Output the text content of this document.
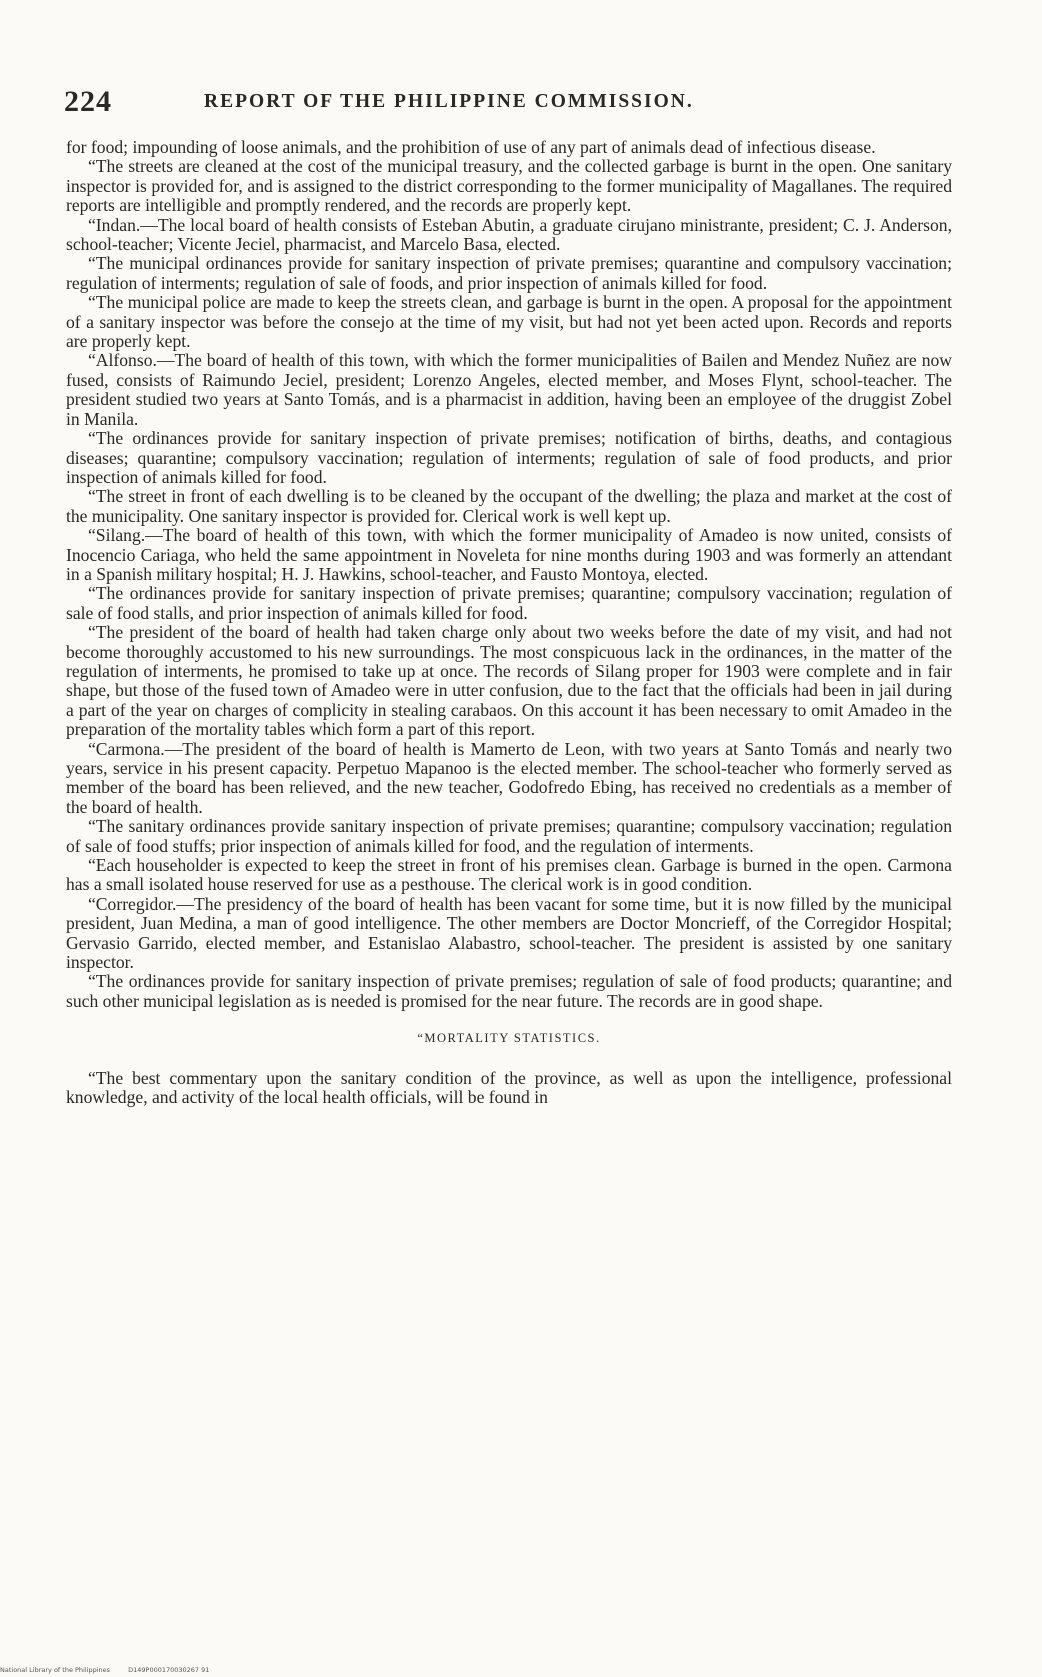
224	REPORT OF THE PHILIPPINE COMMISSION.

for food; impounding of loose animals, and the prohibition of use of any part of animals dead of infectious disease.

“The streets are cleaned at the cost of the municipal treasury, and the collected garbage is burnt in the open. One sanitary inspector is provided for, and is assigned to the district corresponding to the former municipality of Magallanes. The required reports are intelligible and promptly rendered, and the records are properly kept.

“Indan.—The local board of health consists of Esteban Abutin, a graduate cirujano ministrante, president; C. J. Anderson, school-teacher; Vicente Jeciel, pharmacist, and Marcelo Basa, elected.

“The municipal ordinances provide for sanitary inspection of private premises; quarantine and compulsory vaccination; regulation of interments; regulation of sale of foods, and prior inspection of animals killed for food.

“The municipal police are made to keep the streets clean, and garbage is burnt in the open. A proposal for the appointment of a sanitary inspector was before the consejo at the time of my visit, but had not yet been acted upon. Records and reports are properly kept.

“Alfonso.—The board of health of this town, with which the former municipalities of Bailen and Mendez Nuñez are now fused, consists of Raimundo Jeciel, president; Lorenzo Angeles, elected member, and Moses Flynt, school-teacher. The president studied two years at Santo Tomás, and is a pharmacist in addition, having been an employee of the druggist Zobel in Manila.

“The ordinances provide for sanitary inspection of private premises; notification of births, deaths, and contagious diseases; quarantine; compulsory vaccination; regulation of interments; regulation of sale of food products, and prior inspection of animals killed for food.

“The street in front of each dwelling is to be cleaned by the occupant of the dwelling; the plaza and market at the cost of the municipality. One sanitary inspector is provided for. Clerical work is well kept up.

“Silang.—The board of health of this town, with which the former municipality of Amadeo is now united, consists of Inocencio Cariaga, who held the same appointment in Noveleta for nine months during 1903 and was formerly an attendant in a Spanish military hospital; H. J. Hawkins, school-teacher, and Fausto Montoya, elected.

“The ordinances provide for sanitary inspection of private premises; quarantine; compulsory vaccination; regulation of sale of food stalls, and prior inspection of animals killed for food.

“The president of the board of health had taken charge only about two weeks before the date of my visit, and had not become thoroughly accustomed to his new surroundings. The most conspicuous lack in the ordinances, in the matter of the regulation of interments, he promised to take up at once. The records of Silang proper for 1903 were complete and in fair shape, but those of the fused town of Amadeo were in utter confusion, due to the fact that the officials had been in jail during a part of the year on charges of complicity in stealing carabaos. On this account it has been necessary to omit Amadeo in the preparation of the mortality tables which form a part of this report.

“Carmona.—The president of the board of health is Mamerto de Leon, with two years at Santo Tomás and nearly two years, service in his present capacity. Perpetuo Mapanoo is the elected member. The school-teacher who formerly served as member of the board has been relieved, and the new teacher, Godofredo Ebing, has received no credentials as a member of the board of health.

“The sanitary ordinances provide sanitary inspection of private premises; quarantine; compulsory vaccination; regulation of sale of food stuffs; prior inspection of animals killed for food, and the regulation of interments.

“Each householder is expected to keep the street in front of his premises clean. Garbage is burned in the open. Carmona has a small isolated house reserved for use as a pesthouse. The clerical work is in good condition.

“Corregidor.—The presidency of the board of health has been vacant for some time, but it is now filled by the municipal president, Juan Medina, a man of good intelligence. The other members are Doctor Moncrieff, of the Corregidor Hospital; Gervasio Garrido, elected member, and Estanislao Alabastro, school-teacher. The president is assisted by one sanitary inspector.

“The ordinances provide for sanitary inspection of private premises; regulation of sale of food products; quarantine; and such other municipal legislation as is needed is promised for the near future. The records are in good shape.

“MORTALITY STATISTICS.

“The best commentary upon the sanitary condition of the province, as well as upon the intelligence, professional knowledge, and activity of the local health officials, will be found in

National Library of the Philippines	D149P000170030267 91
